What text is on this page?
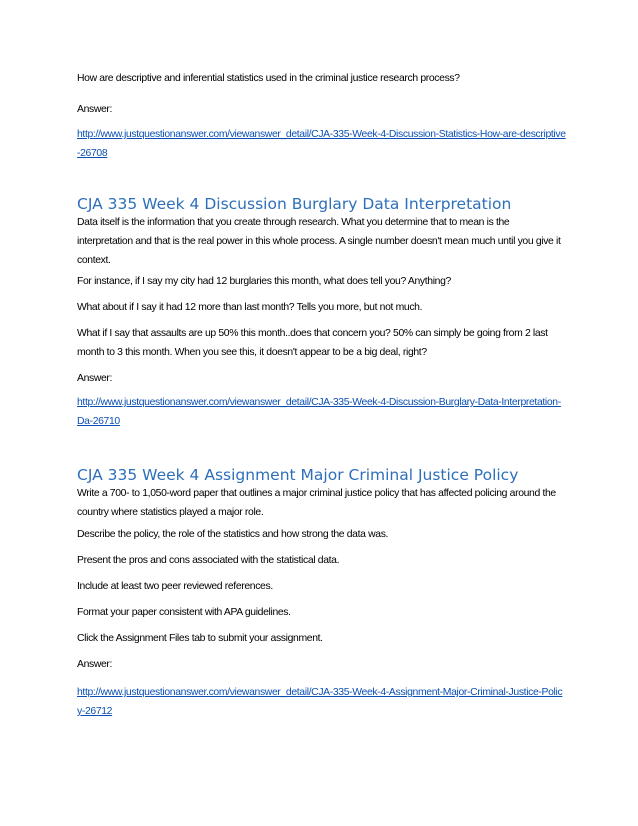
How are descriptive and inferential statistics used in the criminal justice research process?

Answer:

http://www.justquestionanswer.com/viewanswer_detail/CJA-335-Week-4-Discussion-Statistics-How-are-descriptive-26708

CJA 335 Week 4 Discussion Burglary Data Interpretation

Data itself is the information that you create through research. What you determine that to mean is the interpretation and that is the real power in this whole process. A single number doesn't mean much until you give it context.

For instance, if I say my city had 12 burglaries this month, what does tell you? Anything?

What about if I say it had 12 more than last month? Tells you more, but not much.

What if I say that assaults are up 50% this month..does that concern you? 50% can simply be going from 2 last month to 3 this month. When you see this, it doesn't appear to be a big deal, right?

Answer:

http://www.justquestionanswer.com/viewanswer_detail/CJA-335-Week-4-Discussion-Burglary-Data-Interpretation-Da-26710

CJA 335 Week 4 Assignment Major Criminal Justice Policy

Write a 700- to 1,050-word paper that outlines a major criminal justice policy that has affected policing around the country where statistics played a major role.

Describe the policy, the role of the statistics and how strong the data was.

Present the pros and cons associated with the statistical data.

Include at least two peer reviewed references.

Format your paper consistent with APA guidelines.

Click the Assignment Files tab to submit your assignment.

Answer:

http://www.justquestionanswer.com/viewanswer_detail/CJA-335-Week-4-Assignment-Major-Criminal-Justice-Policy-26712
